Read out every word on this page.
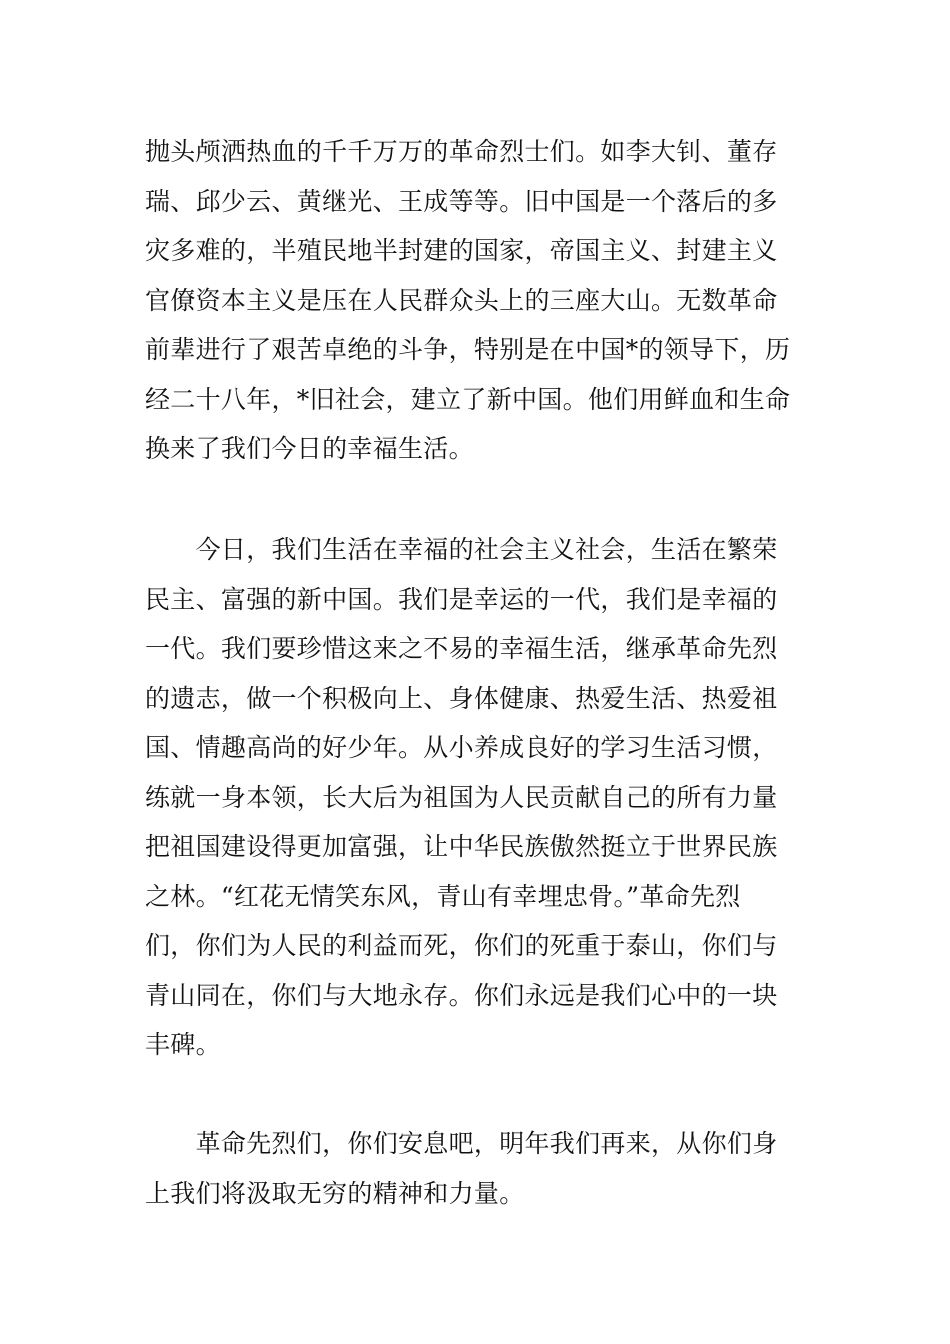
抛头颅洒热血的千千万万的革命烈士们。如李大钊、董存
瑞、邱少云、黄继光、王成等等。旧中国是一个落后的多
灾多难的，半殖民地半封建的国家，帝国主义、封建主义
官僚资本主义是压在人民群众头上的三座大山。无数革命
前辈进行了艰苦卓绝的斗争，特别是在中国*的领导下，历
经二十八年，*旧社会，建立了新中国。他们用鲜血和生命
换来了我们今日的幸福生活。
　　今日，我们生活在幸福的社会主义社会，生活在繁荣
民主、富强的新中国。我们是幸运的一代，我们是幸福的
一代。我们要珍惜这来之不易的幸福生活，继承革命先烈
的遗志，做一个积极向上、身体健康、热爱生活、热爱祖
国、情趣高尚的好少年。从小养成良好的学习生活习惯，
练就一身本领，长大后为祖国为人民贡献自己的所有力量
把祖国建设得更加富强，让中华民族傲然挺立于世界民族
之林。“红花无情笑东风，青山有幸埋忠骨。”革命先烈
们，你们为人民的利益而死，你们的死重于泰山，你们与
青山同在，你们与大地永存。你们永远是我们心中的一块
丰碑。
　　革命先烈们，你们安息吧，明年我们再来，从你们身
上我们将汲取无穷的精神和力量。
